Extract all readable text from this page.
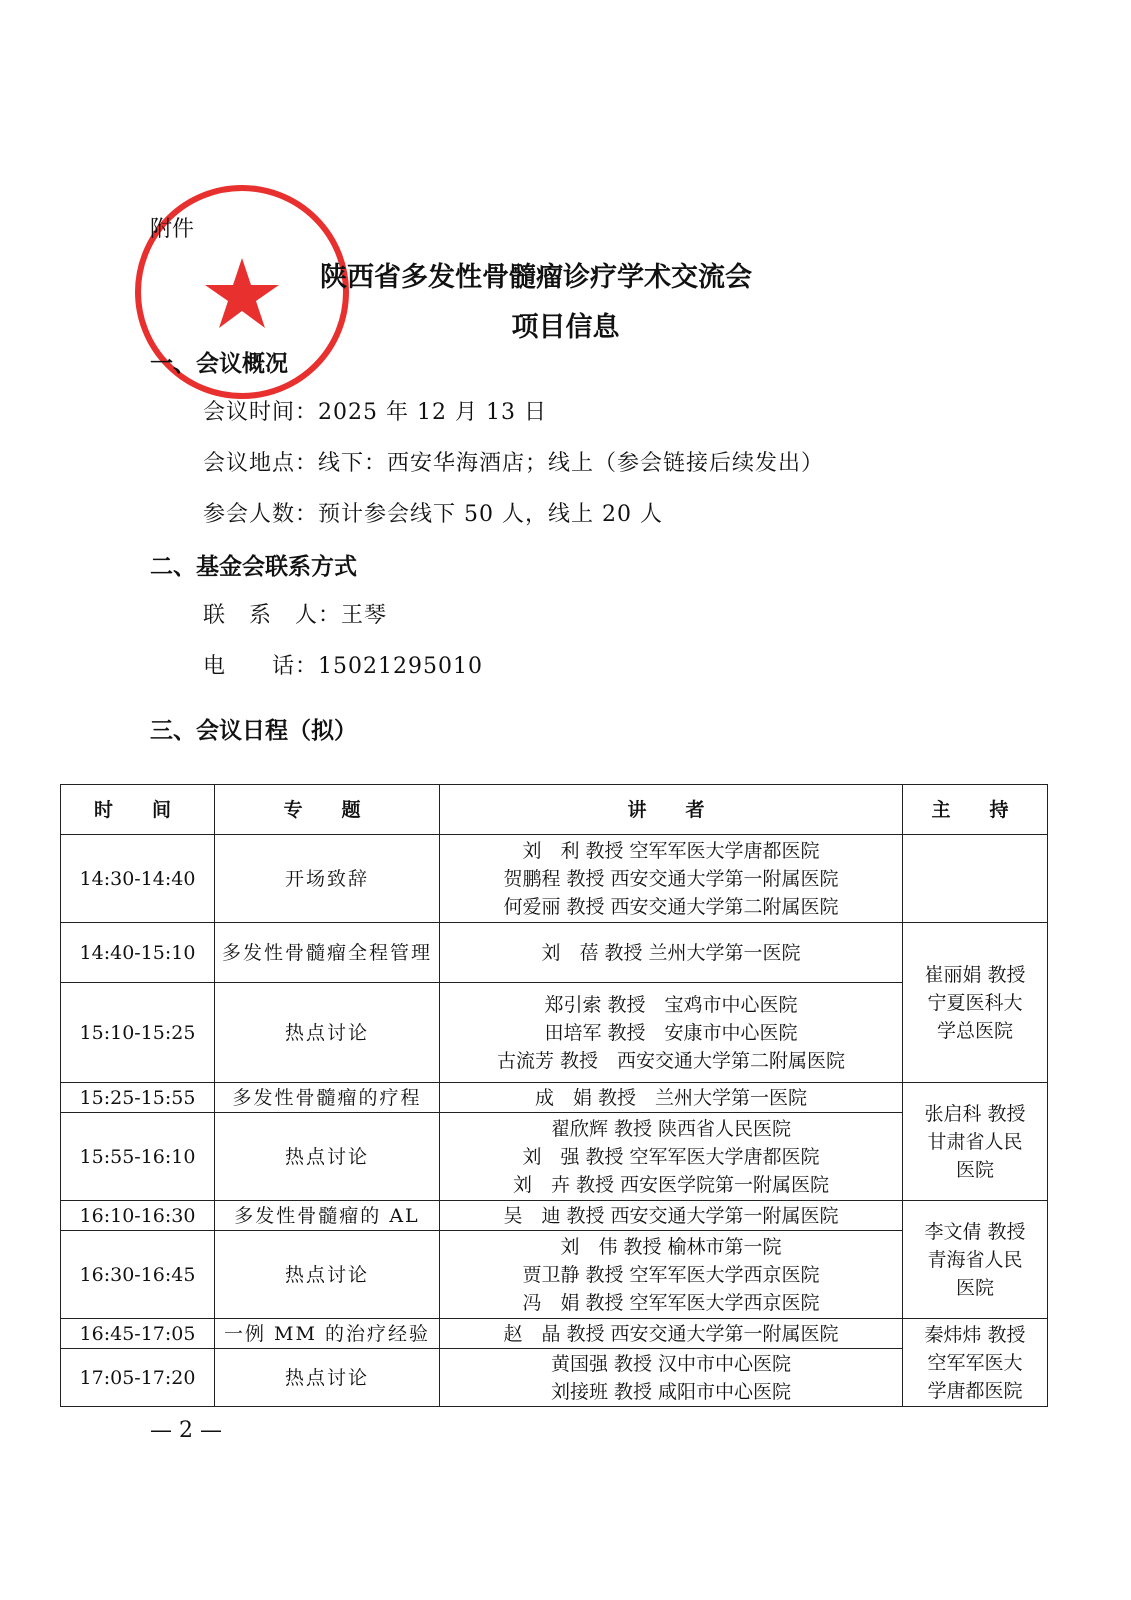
附件
陕西省多发性骨髓瘤诊疗学术交流会
项目信息
一、会议概况
会议时间：2025 年 12 月 13 日
会议地点：线下：西安华海酒店；线上（参会链接后续发出）
参会人数：预计参会线下 50 人，线上 20 人
二、基金会联系方式
联　系　人：王琴
电　　话：15021295010
三、会议日程（拟）
时　间	专　题	讲　者	主　持
14:30-14:40	开场致辞	刘　利 教授 空军军医大学唐都医院
贺鹏程 教授 西安交通大学第一附属医院
何爱丽 教授 西安交通大学第二附属医院	

14:40-15:10	多发性骨髓瘤全程管理	刘　蓓 教授 兰州大学第一医院	崔丽娟 教授
宁夏医科大
学总医院

15:10-15:25	热点讨论	郑引索 教授　宝鸡市中心医院
田培军 教授　安康市中心医院
古流芳 教授　西安交通大学第二附属医院	

15:25-15:55	多发性骨髓瘤的疗程	成　娟 教授　兰州大学第一医院	张启科 教授
甘肃省人民
医院

15:55-16:10	热点讨论	翟欣辉 教授 陕西省人民医院
刘　强 教授 空军军医大学唐都医院
刘　卉 教授 西安医学院第一附属医院	

16:10-16:30	多发性骨髓瘤的 AL	吴　迪 教授 西安交通大学第一附属医院	李文倩 教授
青海省人民
医院

16:30-16:45	热点讨论	刘　伟 教授 榆林市第一院
贾卫静 教授 空军军医大学西京医院
冯　娟 教授 空军军医大学西京医院	

16:45-17:05	一例 MM 的治疗经验	赵　晶 教授 西安交通大学第一附属医院	秦炜炜 教授
空军军医大
学唐都医院

17:05-17:20	热点讨论	黄国强 教授 汉中市中心医院
刘接班 教授 咸阳市中心医院	
— 2 —
